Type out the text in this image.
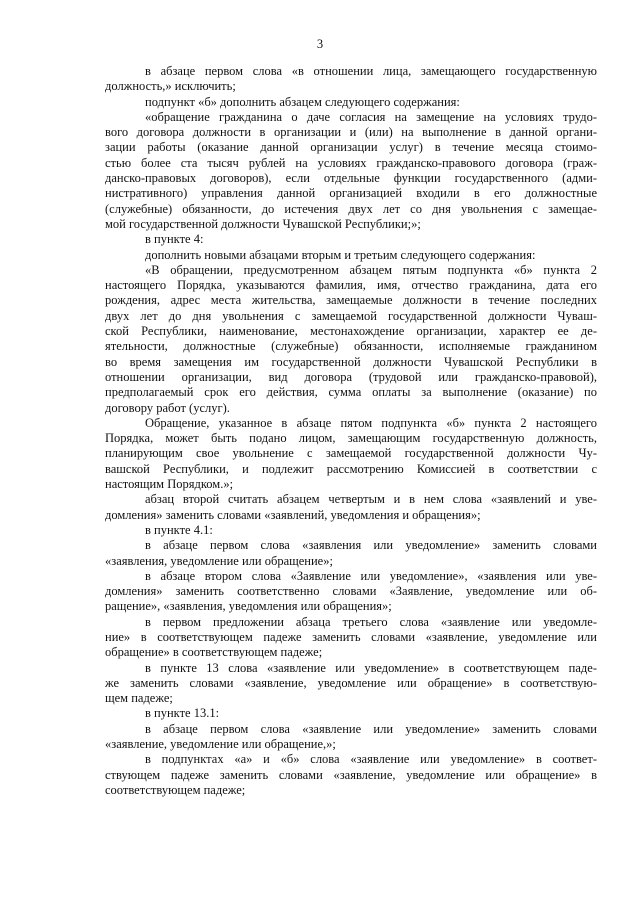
3
в абзаце первом слова «в отношении лица, замещающего государственную
должность,» исключить;
подпункт «б» дополнить абзацем следующего содержания:
«обращение гражданина о даче согласия на замещение на условиях трудо-
вого договора должности в организации и (или) на выполнение в данной органи-
зации работы (оказание данной организации услуг) в течение месяца стоимо-
стью более ста тысяч рублей на условиях гражданско-правового договора (граж-
данско-правовых договоров), если отдельные функции государственного (адми-
нистративного) управления данной организацией входили в его должностные
(служебные) обязанности, до истечения двух лет со дня увольнения с замещае-
мой государственной должности Чувашской Республики;»;
в пункте 4:
дополнить новыми абзацами вторым и третьим следующего содержания:
«В обращении, предусмотренном абзацем пятым подпункта «б» пункта 2
настоящего Порядка, указываются фамилия, имя, отчество гражданина, дата его
рождения, адрес места жительства, замещаемые должности в течение последних
двух лет до дня увольнения с замещаемой государственной должности Чуваш-
ской Республики, наименование, местонахождение организации, характер ее де-
ятельности, должностные (служебные) обязанности, исполняемые гражданином
во время замещения им государственной должности Чувашской Республики в
отношении организации, вид договора (трудовой или гражданско-правовой),
предполагаемый срок его действия, сумма оплаты за выполнение (оказание) по
договору работ (услуг).
Обращение, указанное в абзаце пятом подпункта «б» пункта 2 настоящего
Порядка, может быть подано лицом, замещающим государственную должность,
планирующим свое увольнение с замещаемой государственной должности Чу-
вашской Республики, и подлежит рассмотрению Комиссией в соответствии с
настоящим Порядком.»;
абзац второй считать абзацем четвертым и в нем слова «заявлений и уве-
домления» заменить словами «заявлений, уведомления и обращения»;
в пункте 4.1:
в абзаце первом слова «заявления или уведомление» заменить словами
«заявления, уведомление или обращение»;
в абзаце втором слова «Заявление или уведомление», «заявления или уве-
домления» заменить соответственно словами «Заявление, уведомление или об-
ращение», «заявления, уведомления или обращения»;
в первом предложении абзаца третьего слова «заявление или уведомле-
ние» в соответствующем падеже заменить словами «заявление, уведомление или
обращение» в соответствующем падеже;
в пункте 13 слова «заявление или уведомление» в соответствующем паде-
же заменить словами «заявление, уведомление или обращение» в соответствую-
щем падеже;
в пункте 13.1:
в абзаце первом слова «заявление или уведомление» заменить словами
«заявление, уведомление или обращение,»;
в подпунктах «а» и «б» слова «заявление или уведомление» в соответ-
ствующем падеже заменить словами «заявление, уведомление или обращение» в
соответствующем падеже;
